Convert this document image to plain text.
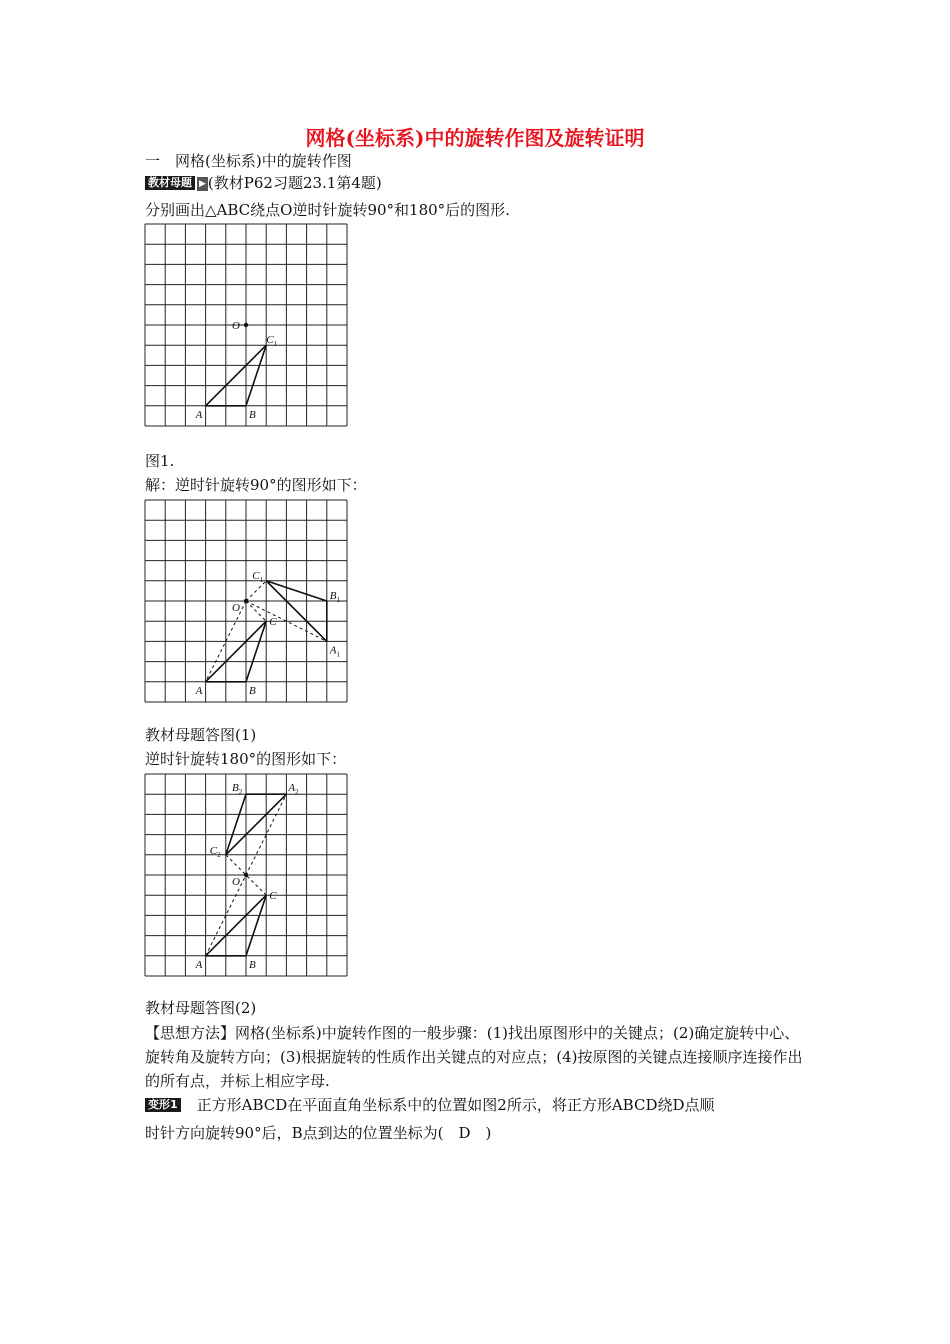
网格(坐标系)中的旋转作图及旋转证明
一　网格(坐标系)中的旋转作图
教材母题 ▶ (教材P62习题23.1第4题)
分别画出△ABC绕点O逆时针旋转90°和180°后的图形.
O
$C_1$
A	B
图1.
解：逆时针旋转90°的图形如下：
O
$C_1$
$B_1$
$A_1$
C
A	B
教材母题答图(1)
逆时针旋转180°的图形如下：
O
$B_2$	$A_2$
$C_2$
C
A	B
教材母题答图(2)
【思想方法】网格(坐标系)中旋转作图的一般步骤：(1)找出原图形中的关键点；(2)确定旋转中心、旋转角及旋转方向；(3)根据旋转的性质作出关键点的对应点；(4)按原图的关键点连接顺序连接作出的所有点，并标上相应字母.
变形1 正方形ABCD在平面直角坐标系中的位置如图2所示，将正方形ABCD绕D点顺
时针方向旋转90°后，B点到达的位置坐标为(　D　)
